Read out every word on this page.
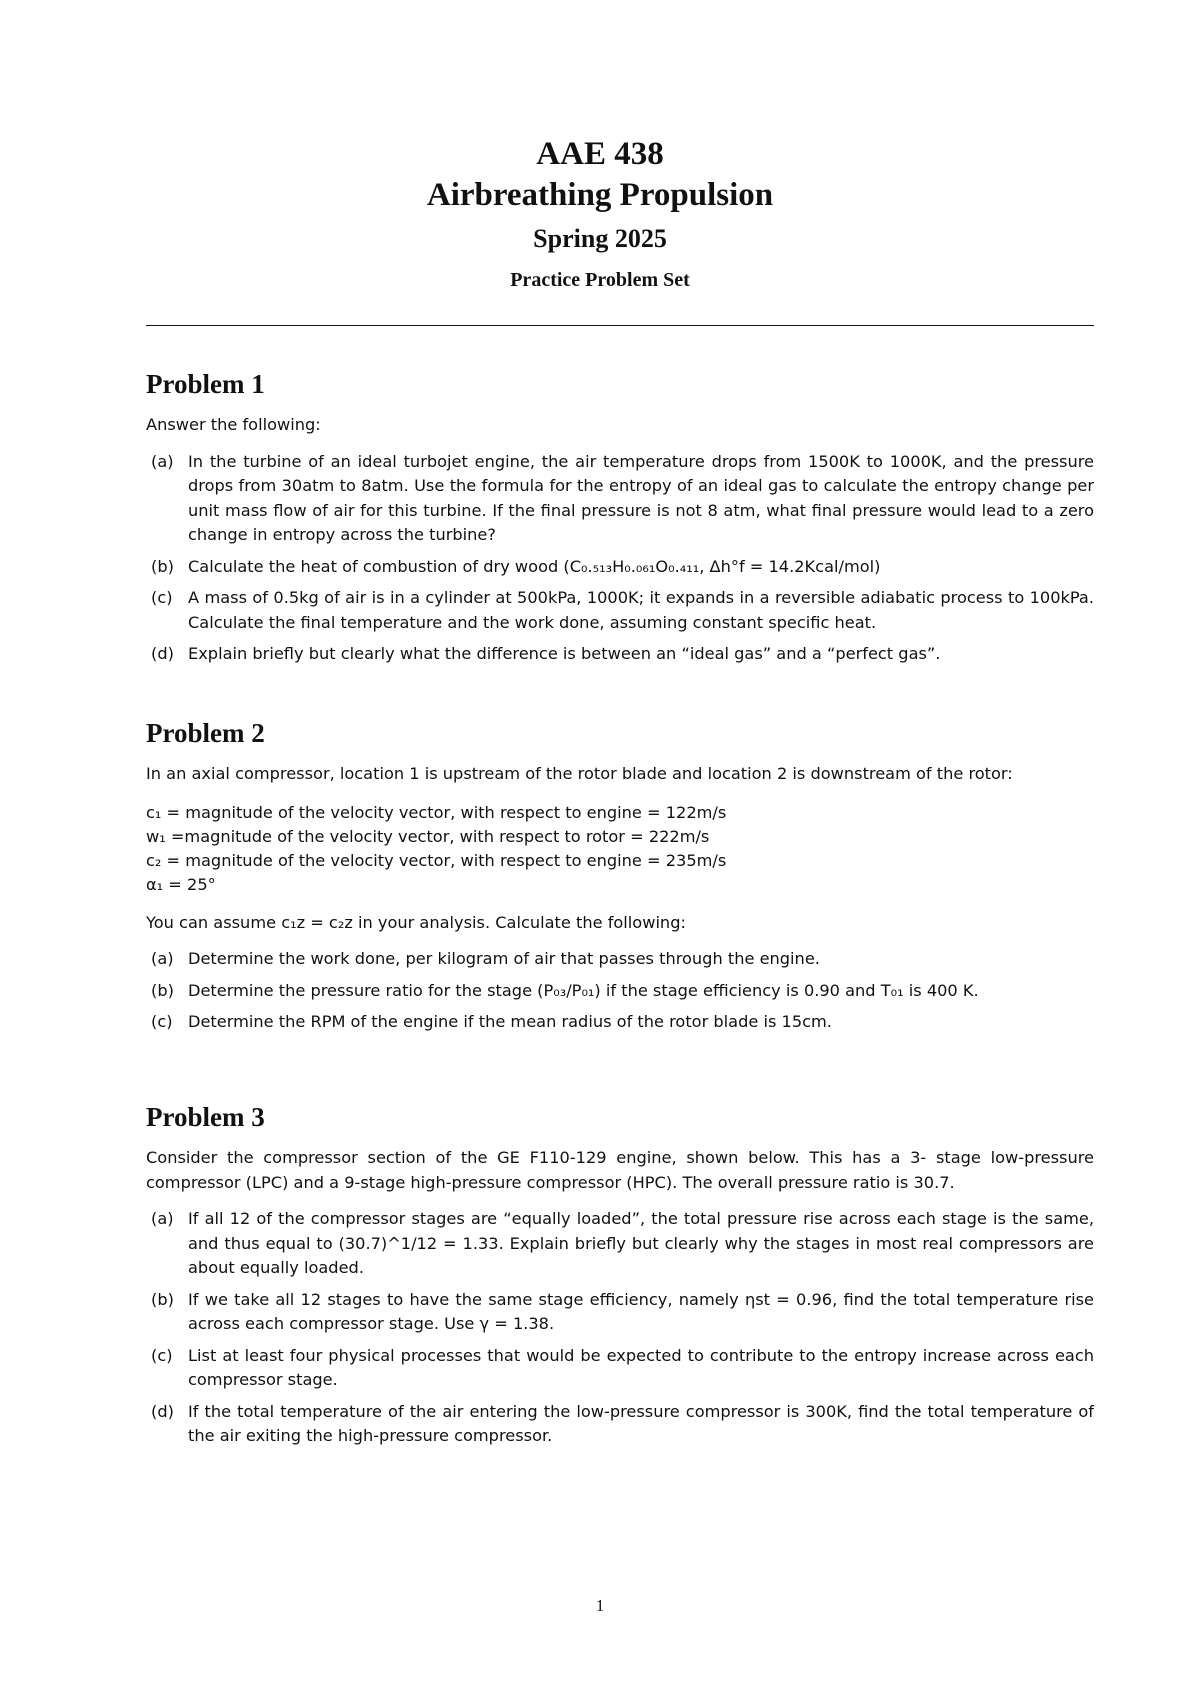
AAE 438
Airbreathing Propulsion
Spring 2025
Practice Problem Set
Problem 1

Answer the following:

(a) In the turbine of an ideal turbojet engine, the air temperature drops from 1500K to 1000K, and the pressure drops from 30atm to 8atm. Use the formula for the entropy of an ideal gas to calculate the entropy change per unit mass flow of air for this turbine. If the final pressure is not 8 atm, what final pressure would lead to a zero change in entropy across the turbine?
(b) Calculate the heat of combustion of dry wood (C₀.₅₁₃H₀.₀₆₁O₀.₄₁₁, Δh°f = 14.2Kcal/mol)
(c) A mass of 0.5kg of air is in a cylinder at 500kPa, 1000K; it expands in a reversible adiabatic process to 100kPa. Calculate the final temperature and the work done, assuming constant specific heat.
(d) Explain briefly but clearly what the difference is between an “ideal gas” and a “perfect gas”.
Problem 2

In an axial compressor, location 1 is upstream of the rotor blade and location 2 is downstream of the rotor:

c₁ = magnitude of the velocity vector, with respect to engine = 122m/s
w₁ =magnitude of the velocity vector, with respect to rotor = 222m/s
c₂ = magnitude of the velocity vector, with respect to engine = 235m/s
α₁ = 25°

You can assume c₁z = c₂z in your analysis. Calculate the following:

(a) Determine the work done, per kilogram of air that passes through the engine.
(b) Determine the pressure ratio for the stage (P₀₃/P₀₁) if the stage efficiency is 0.90 and T₀₁ is 400 K.
(c) Determine the RPM of the engine if the mean radius of the rotor blade is 15cm.
Problem 3

Consider the compressor section of the GE F110-129 engine, shown below. This has a 3- stage low-pressure compressor (LPC) and a 9-stage high-pressure compressor (HPC). The overall pressure ratio is 30.7.

(a) If all 12 of the compressor stages are “equally loaded”, the total pressure rise across each stage is the same, and thus equal to (30.7)^1/12 = 1.33. Explain briefly but clearly why the stages in most real compressors are about equally loaded.
(b) If we take all 12 stages to have the same stage efficiency, namely ηst = 0.96, find the total temperature rise across each compressor stage. Use γ = 1.38.
(c) List at least four physical processes that would be expected to contribute to the entropy increase across each compressor stage.
(d) If the total temperature of the air entering the low-pressure compressor is 300K, find the total temperature of the air exiting the high-pressure compressor.
1
